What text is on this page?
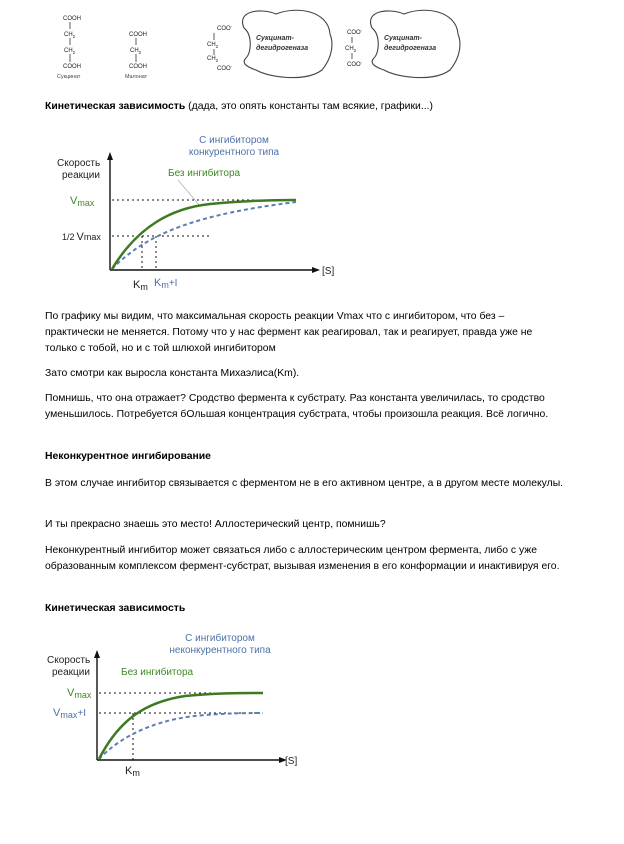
COOH
$CH_2$
$CH_2$
COOH
Сукцинат
COOH
$CH_2$
COOH
Малонат
COO-
$CH_2$
$CH_2$
COO-
Сукцинат-
дегидрогеназа
COO-
$CH_2$
COO-
Сукцинат-
дегидрогеназа

Кинетическая зависимость (дада, это опять константы там всякие, графики...)

С ингибитором
конкурентного типа
Скорость
реакции	Без ингибитора
[S]
Vmax
1/2 Vmax
Km Km+I

По графику мы видим, что максимальная скорость реакции Vmax что с ингибитором, что без – практически не меняется. Потому что у нас фермент как реагировал, так и реагирует, правда уже не только с тобой, но и с той шлюхой ингибитором

Зато смотри как выросла константа Михаэлиса(Km).

Помнишь, что она отражает? Сродство фермента к субстрату. Раз константа увеличилась, то сродство уменьшилось. Потребуется бОльшая концентрация субстрата, чтобы произошла реакция. Всё логично.

Неконкурентное ингибирование

В этом случае ингибитор связывается с ферментом не в его активном центре, а в другом месте молекулы.

И ты прекрасно знаешь это место! Аллостерический центр, помнишь?

Неконкурентный ингибитор может связаться либо с аллостерическим центром фермента, либо с уже образованным комплексом фермент-субстрат, вызывая изменения в его конформации и инактивируя его.

Кинетическая зависимость

С ингибитором
неконкурентного типа
Скорость
реакции	Без ингибитора
[S]
Vmax
Vmax+I
Km
